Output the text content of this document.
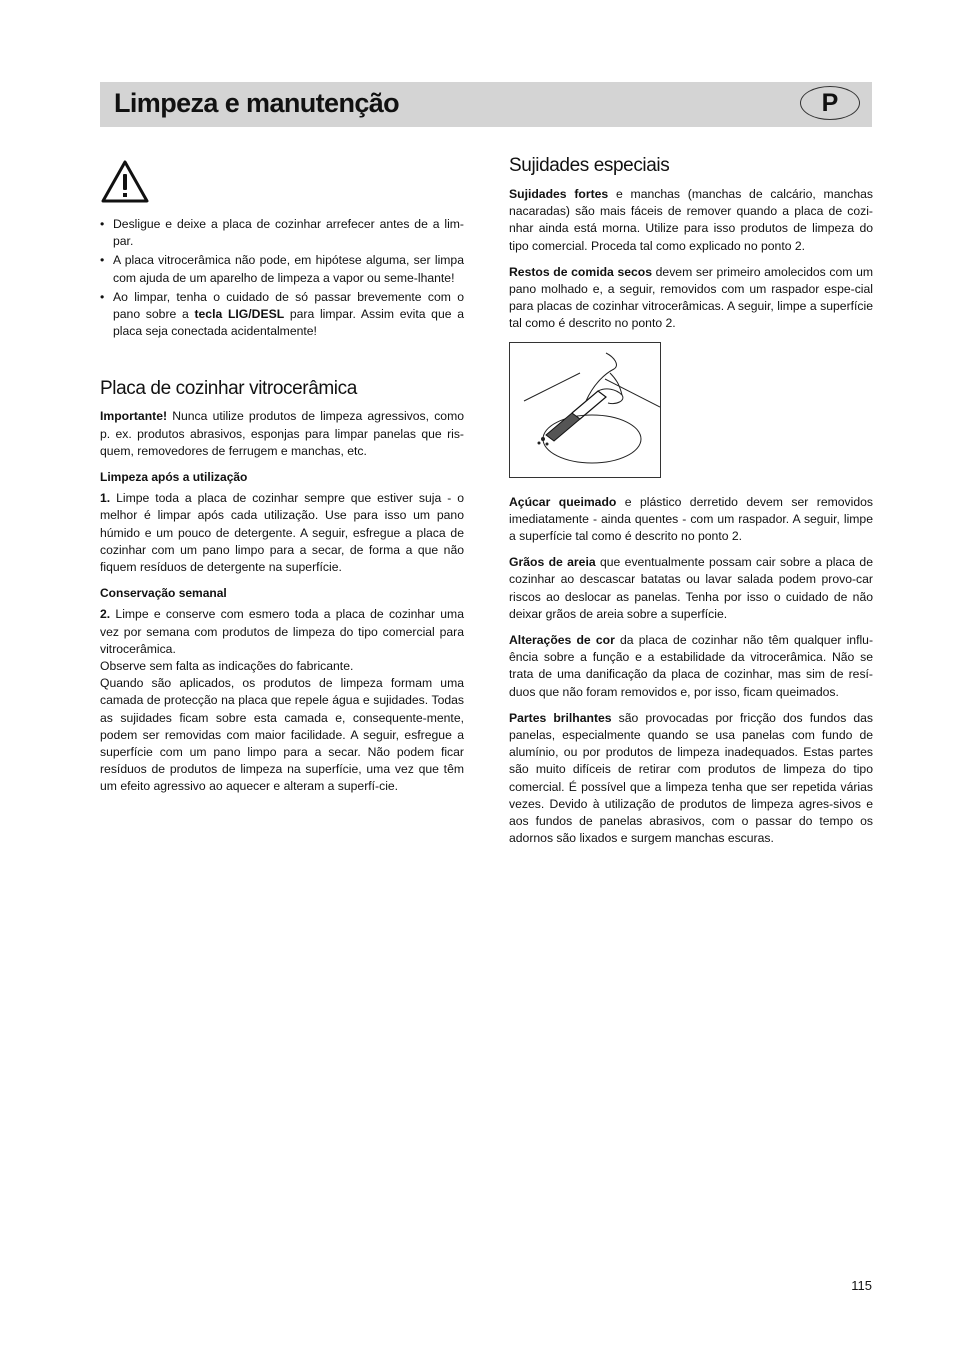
Limpeza e manutenção	P
• Desligue e deixe a placa de cozinhar arrefecer antes de a lim-par.
• A placa vitrocerâmica não pode, em hipótese alguma, ser limpa com ajuda de um aparelho de limpeza a vapor ou seme-lhante!
• Ao limpar, tenha o cuidado de só passar brevemente com o pano sobre a tecla LIG/DESL para limpar. Assim evita que a placa seja conectada acidentalmente!
Placa de cozinhar vitrocerâmica

Importante! Nunca utilize produtos de limpeza agressivos, como p. ex. produtos abrasivos, esponjas para limpar panelas que ris-quem, removedores de ferrugem e manchas, etc.

Limpeza após a utilização

1. Limpe toda a placa de cozinhar sempre que estiver suja - o melhor é limpar após cada utilização. Use para isso um pano húmido e um pouco de detergente. A seguir, esfregue a placa de cozinhar com um pano limpo para a secar, de forma a que não fiquem resíduos de detergente na superfície.

Conservação semanal

2. Limpe e conserve com esmero toda a placa de cozinhar uma vez por semana com produtos de limpeza do tipo comercial para vitrocerâmica.

Observe sem falta as indicações do fabricante.

Quando são aplicados, os produtos de limpeza formam uma camada de protecção na placa que repele água e sujidades. Todas as sujidades ficam sobre esta camada e, consequente-mente, podem ser removidas com maior facilidade. A seguir, esfregue a superfície com um pano limpo para a secar. Não podem ficar resíduos de produtos de limpeza na superfície, uma vez que têm um efeito agressivo ao aquecer e alteram a superfí-cie.

Sujidades especiais

Sujidades fortes e manchas (manchas de calcário, manchas nacaradas) são mais fáceis de remover quando a placa de cozi-nhar ainda está morna. Utilize para isso produtos de limpeza do tipo comercial. Proceda tal como explicado no ponto 2.

Restos de comida secos devem ser primeiro amolecidos com um pano molhado e, a seguir, removidos com um raspador espe-cial para placas de cozinhar vitrocerâmicas. A seguir, limpe a superfície tal como é descrito no ponto 2.

Açúcar queimado e plástico derretido devem ser removidos imediatamente - ainda quentes - com um raspador. A seguir, limpe a superfície tal como é descrito no ponto 2.

Grãos de areia que eventualmente possam cair sobre a placa de cozinhar ao descascar batatas ou lavar salada podem provo-car riscos ao deslocar as panelas. Tenha por isso o cuidado de não deixar grãos de areia sobre a superfície.

Alterações de cor da placa de cozinhar não têm qualquer influ-ência sobre a função e a estabilidade da vitrocerâmica. Não se trata de uma danificação da placa de cozinhar, mas sim de resí-duos que não foram removidos e, por isso, ficam queimados.

Partes brilhantes são provocadas por fricção dos fundos das panelas, especialmente quando se usa panelas com fundo de alumínio, ou por produtos de limpeza inadequados. Estas partes são muito difíceis de retirar com produtos de limpeza do tipo comercial. É possível que a limpeza tenha que ser repetida várias vezes. Devido à utilização de produtos de limpeza agres-sivos e aos fundos de panelas abrasivos, com o passar do tempo os adornos são lixados e surgem manchas escuras.

115
